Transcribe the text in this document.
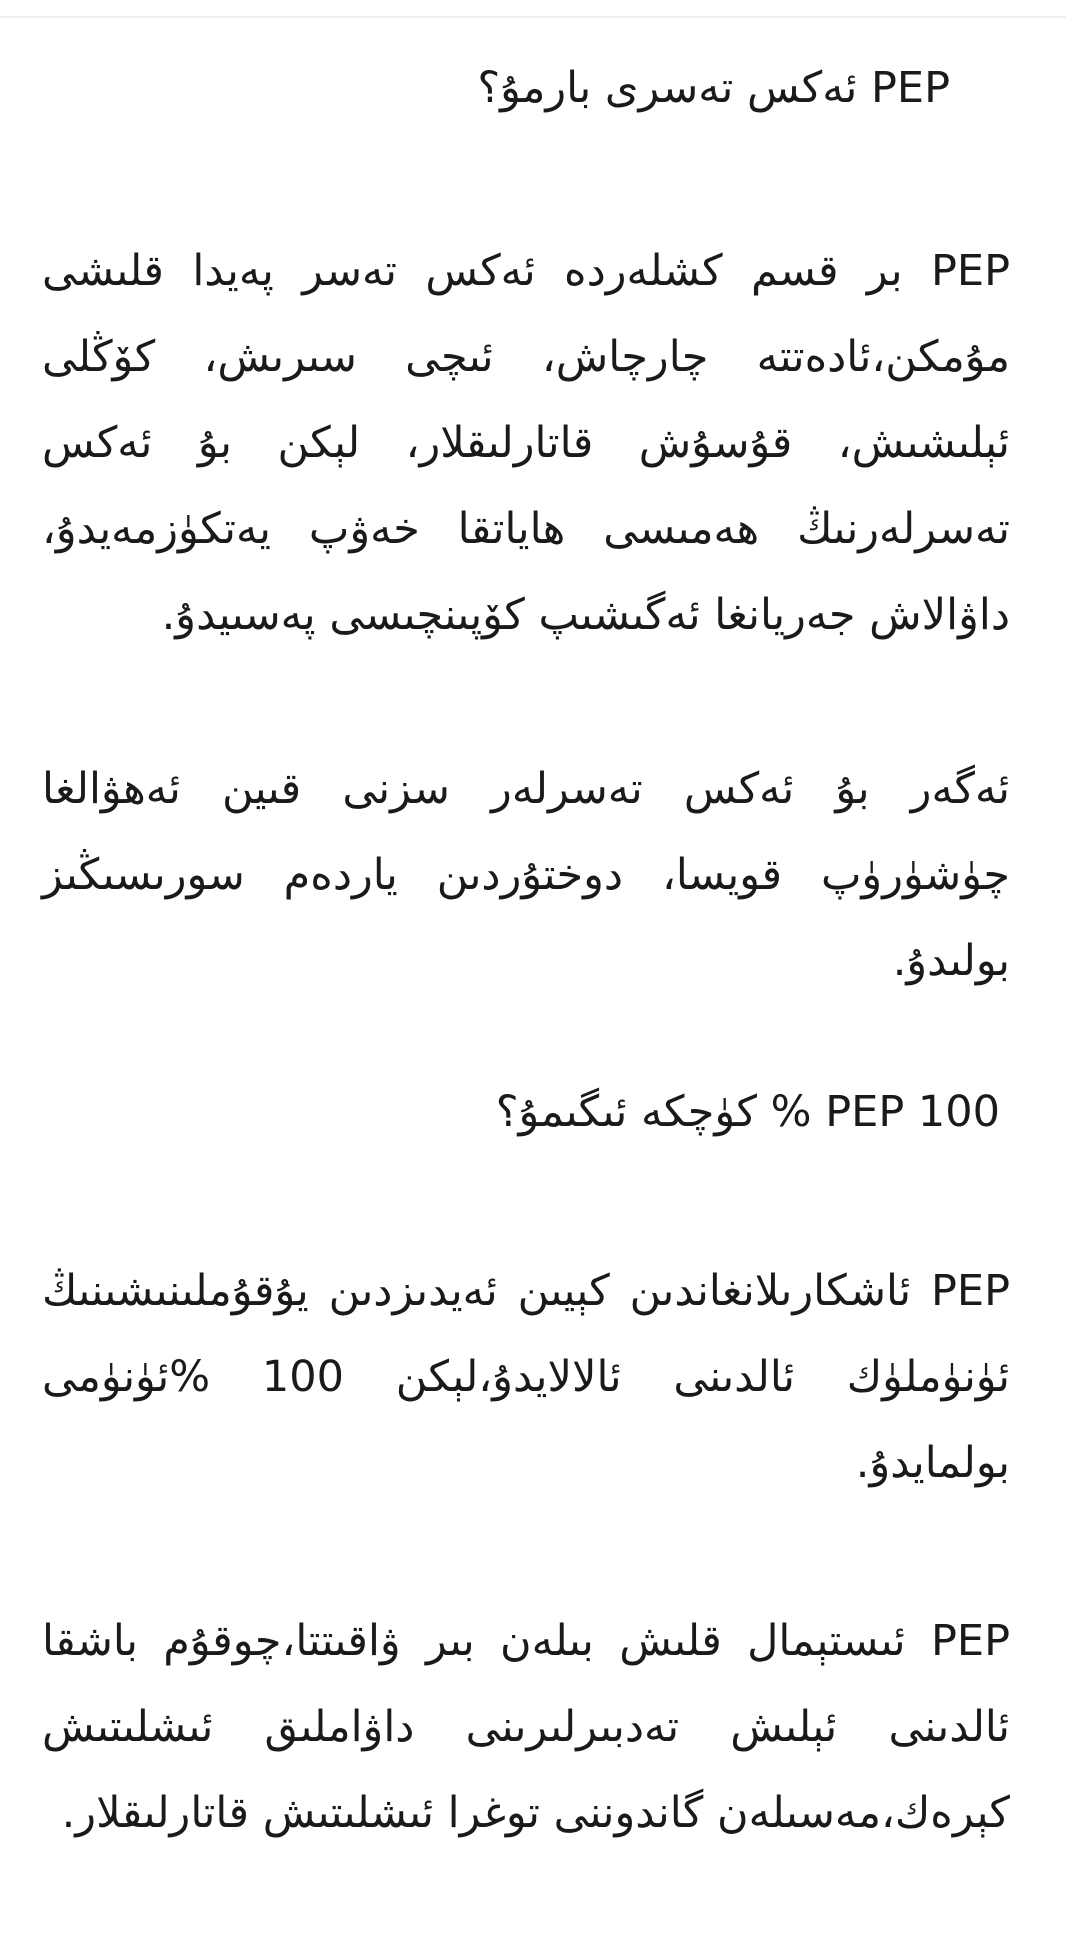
PEP ئەكس تەسرى بارمۇ؟

PEP بر قسم كشلەردە ئەكس تەسر پەيدا قلىشى مۇمكن،ئادەتتە چارچاش، ئىچى سىرىش، كۆڭلى ئېلىشىش، قۇسۇش قاتارلىقلار، لېكن بۇ ئەكس تەسرلەرنىڭ ھەمىسى ھاياتقا خەۋپ يەتكۈزمەيدۇ، داۋالاش جەريانغا ئەگىشىپ كۆپىنچىسى پەسىيدۇ.

ئەگەر بۇ ئەكس تەسرلەر سزنى قىين ئەھۋالغا چۈشۈرۈپ قويسا، دوختۇردىن ياردەم سورىسىڭىز بولىدۇ.

PEP 100 % كۈچكە ئىگىمۇ؟

PEP ئاشكارىلانغاندىن كېيىن ئەيدىزدىن يۇقۇملىنىشىنىڭ ئۈنۈملۈك ئالدىنى ئالالايدۇ،لېكن 100 %ئۈنۈمى بولمايدۇ.

PEP ئىستېمال قلىش بىلەن بىر ۋاقىتتا،چوقۇم باشقا ئالدىنى ئېلىش تەدبىرلىرىنى داۋاملىق ئىشلىتىش كېرەك،مەسىلەن گاندوننى توغرا ئىشلىتىش قاتارلىقلار.
